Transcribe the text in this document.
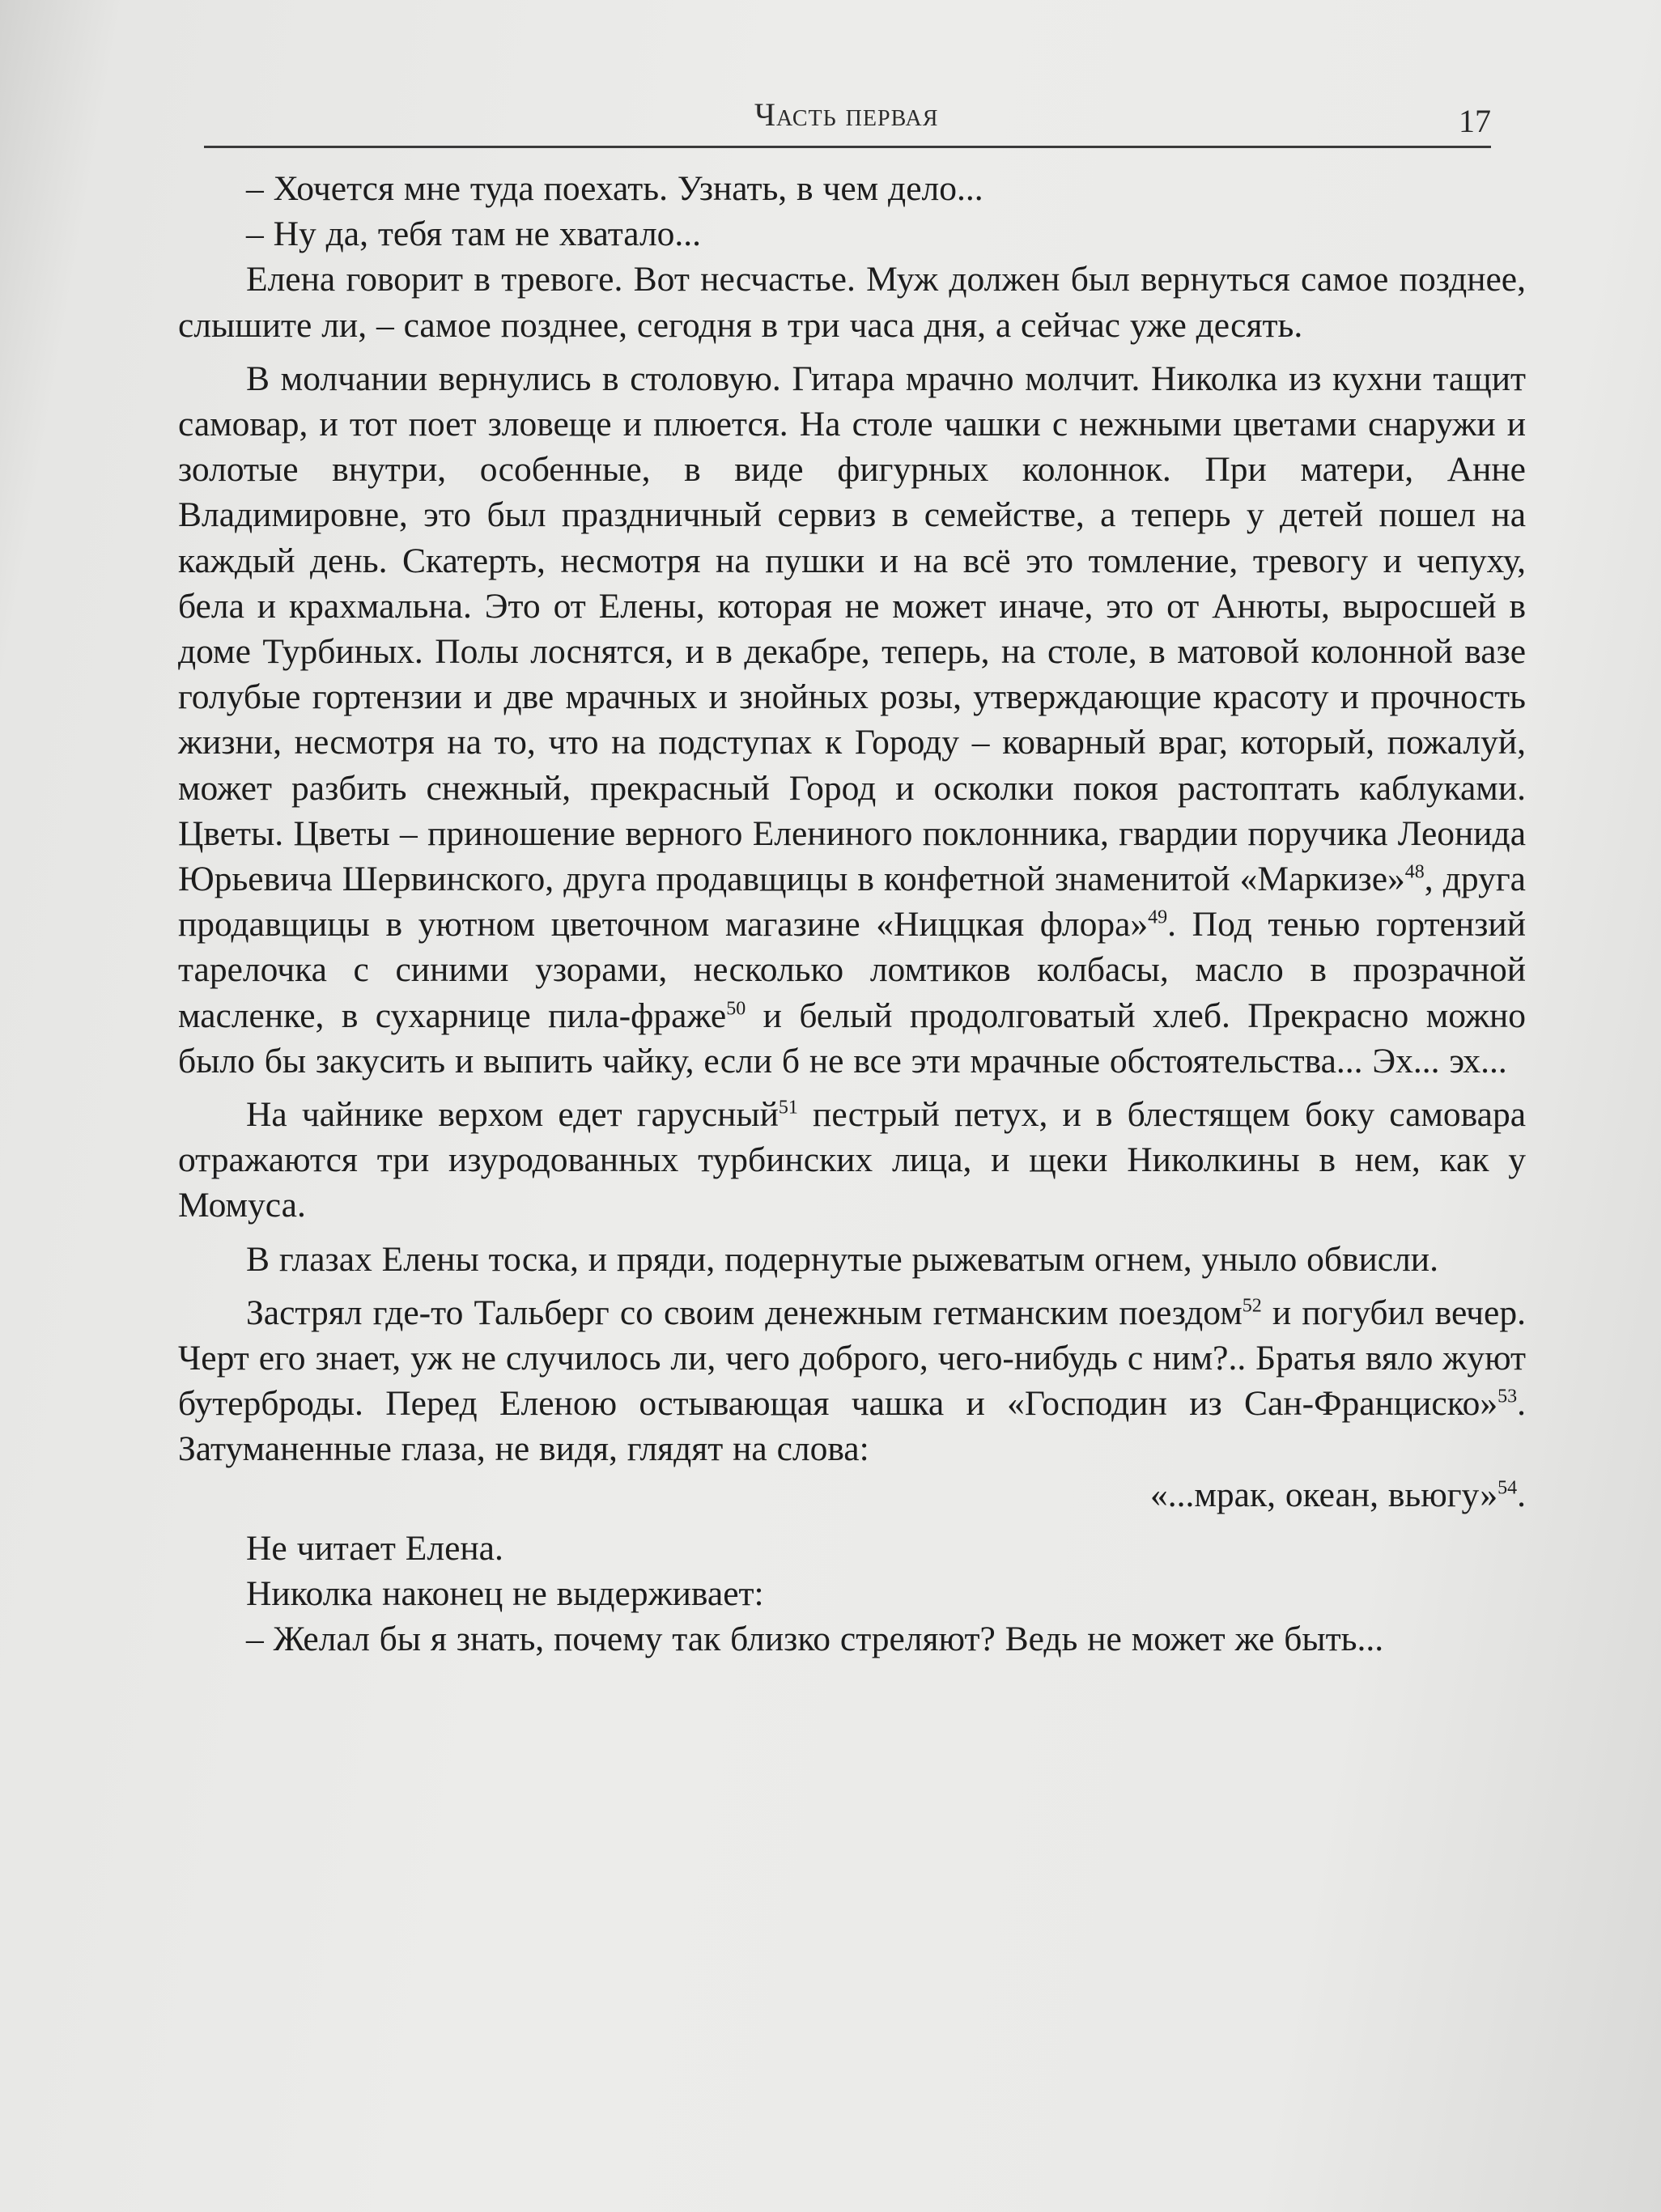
Часть первая	17

– Хочется мне туда поехать. Узнать, в чем дело...

– Ну да, тебя там не хватало...

Елена говорит в тревоге. Вот несчастье. Муж должен был вернуться самое позднее, слышите ли, – самое позднее, сегодня в три часа дня, а сейчас уже десять.

В молчании вернулись в столовую. Гитара мрачно молчит. Николка из кухни тащит самовар, и тот поет зловеще и плюется. На столе чашки с нежными цветами снаружи и золотые внутри, особенные, в виде фигурных колоннок. При матери, Анне Владимировне, это был праздничный сервиз в семействе, а теперь у детей пошел на каждый день. Скатерть, несмотря на пушки и на всё это томление, тревогу и чепуху, бела и крахмальна. Это от Елены, которая не может иначе, это от Анюты, выросшей в доме Турбиных. Полы лоснятся, и в декабре, теперь, на столе, в матовой колонной вазе голубые гортензии и две мрачных и знойных розы, утверждающие красоту и прочность жизни, несмотря на то, что на подступах к Городу – коварный враг, который, пожалуй, может разбить снежный, прекрасный Город и осколки покоя растоптать каблуками. Цветы. Цветы – приношение верного Елениного поклонника, гвардии поручика Леонида Юрьевича Шервинского, друга продавщицы в конфетной знаменитой «Маркизе»$^{48}$, друга продавщицы в уютном цветочном магазине «Ниццкая флора»$^{49}$. Под тенью гортензий тарелочка с синими узорами, несколько ломтиков колбасы, масло в прозрачной масленке, в сухарнице пила-фраже$^{50}$ и белый продолговатый хлеб. Прекрасно можно было бы закусить и выпить чайку, если б не все эти мрачные обстоятельства... Эх... эх...

На чайнике верхом едет гарусный$^{51}$ пестрый петух, и в блестящем боку самовара отражаются три изуродованных турбинских лица, и щеки Николкины в нем, как у Момуса.

В глазах Елены тоска, и пряди, подернутые рыжеватым огнем, уныло обвисли.

Застрял где-то Тальберг со своим денежным гетманским поездом$^{52}$ и погубил вечер. Черт его знает, уж не случилось ли, чего доброго, чего-нибудь с ним?.. Братья вяло жуют бутерброды. Перед Еленою остывающая чашка и «Господин из Сан-Франциско»$^{53}$. Затуманенные глаза, не видя, глядят на слова:

«...мрак, океан, вьюгу»$^{54}$.

Не читает Елена.

Николка наконец не выдерживает:

– Желал бы я знать, почему так близко стреляют? Ведь не может же быть...
